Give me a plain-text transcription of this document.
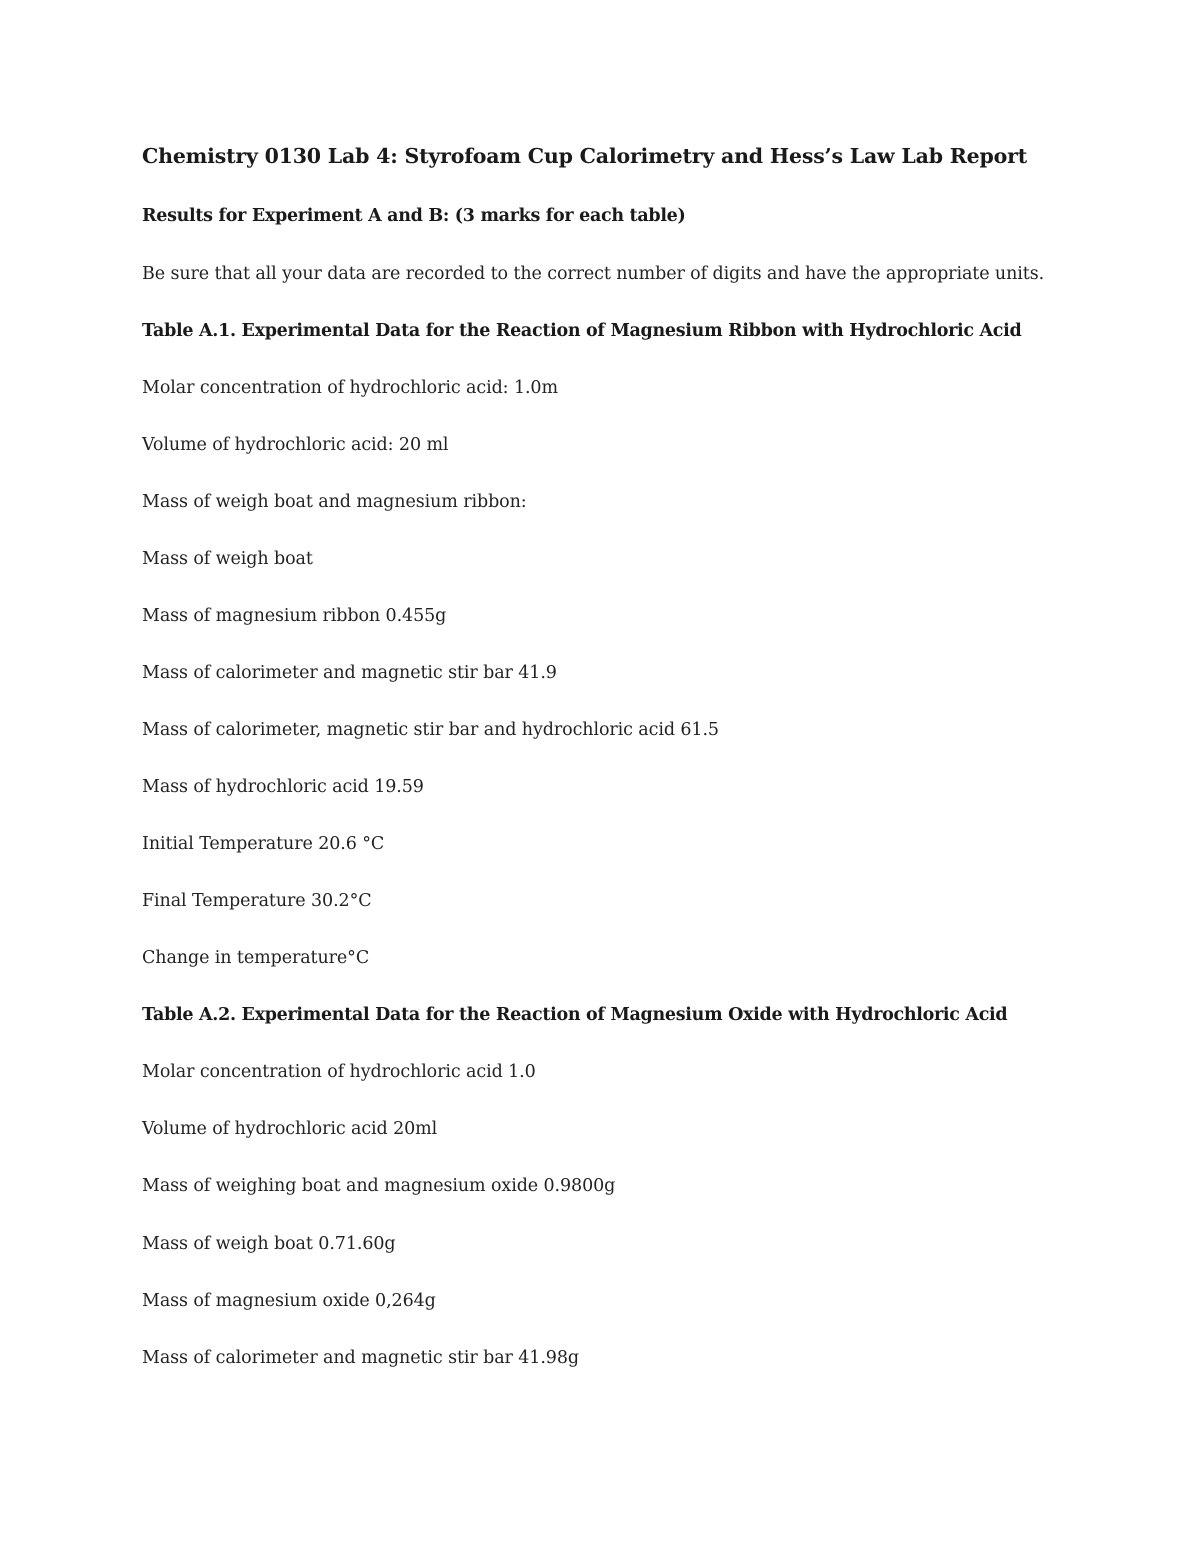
Chemistry 0130 Lab 4: Styrofoam Cup Calorimetry and Hess’s Law Lab Report
Results for Experiment A and B: (3 marks for each table)
Be sure that all your data are recorded to the correct number of digits and have the appropriate units.
Table A.1. Experimental Data for the Reaction of Magnesium Ribbon with Hydrochloric Acid
Molar concentration of hydrochloric acid: 1.0m
Volume of hydrochloric acid: 20 ml
Mass of weigh boat and magnesium ribbon:
Mass of weigh boat
Mass of magnesium ribbon 0.455g
Mass of calorimeter and magnetic stir bar 41.9
Mass of calorimeter, magnetic stir bar and hydrochloric acid 61.5
Mass of hydrochloric acid 19.59
Initial Temperature 20.6 °C
Final Temperature 30.2°C
Change in temperature°C
Table A.2. Experimental Data for the Reaction of Magnesium Oxide with Hydrochloric Acid
Molar concentration of hydrochloric acid 1.0
Volume of hydrochloric acid 20ml
Mass of weighing boat and magnesium oxide 0.9800g
Mass of weigh boat 0.71.60g
Mass of magnesium oxide 0,264g
Mass of calorimeter and magnetic stir bar 41.98g
